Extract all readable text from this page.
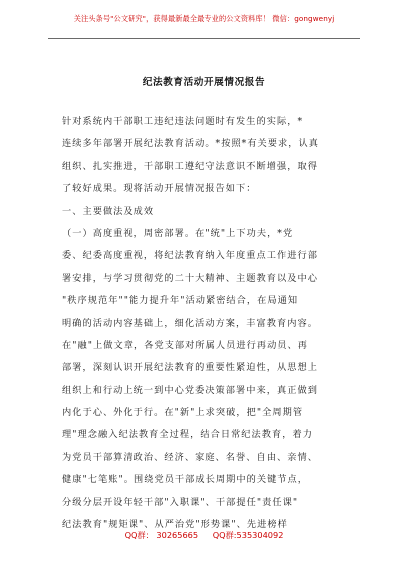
关注头条号"公文研究"，获得最新最全最专业的公文资料库！ 微信：gongwenyj
纪法教育活动开展情况报告
针对系统内干部职工违纪违法问题时有发生的实际，*
连续多年部署开展纪法教育活动。*按照*有关要求，认真
组织、扎实推进，干部职工遵纪守法意识不断增强，取得
了较好成果。现将活动开展情况报告如下：
一、主要做法及成效
（一）高度重视，周密部署。在"统"上下功夫，*党
委、纪委高度重视，将纪法教育纳入年度重点工作进行部
署安排，与学习贯彻党的二十大精神、主题教育以及中心
"秩序规范年""能力提升年"活动紧密结合，在局通知
明确的活动内容基础上，细化活动方案，丰富教育内容。
在"融"上做文章，各党支部对所属人员进行再动员、再
部署，深刻认识开展纪法教育的重要性紧迫性，从思想上
组织上和行动上统一到中心党委决策部署中来，真正做到
内化于心、外化于行。在"新"上求突破，把"全周期管
理"理念融入纪法教育全过程，结合日常纪法教育，着力
为党员干部算清政治、经济、家庭、名誉、自由、亲情、
健康"七笔账"。围绕党员干部成长周期中的关键节点，
分级分层开设年轻干部"入职课"、干部提任"责任课"
纪法教育"规矩课"、从严治党"形势课"、先进榜样
QQ群： 30265665 QQ群:535304092
